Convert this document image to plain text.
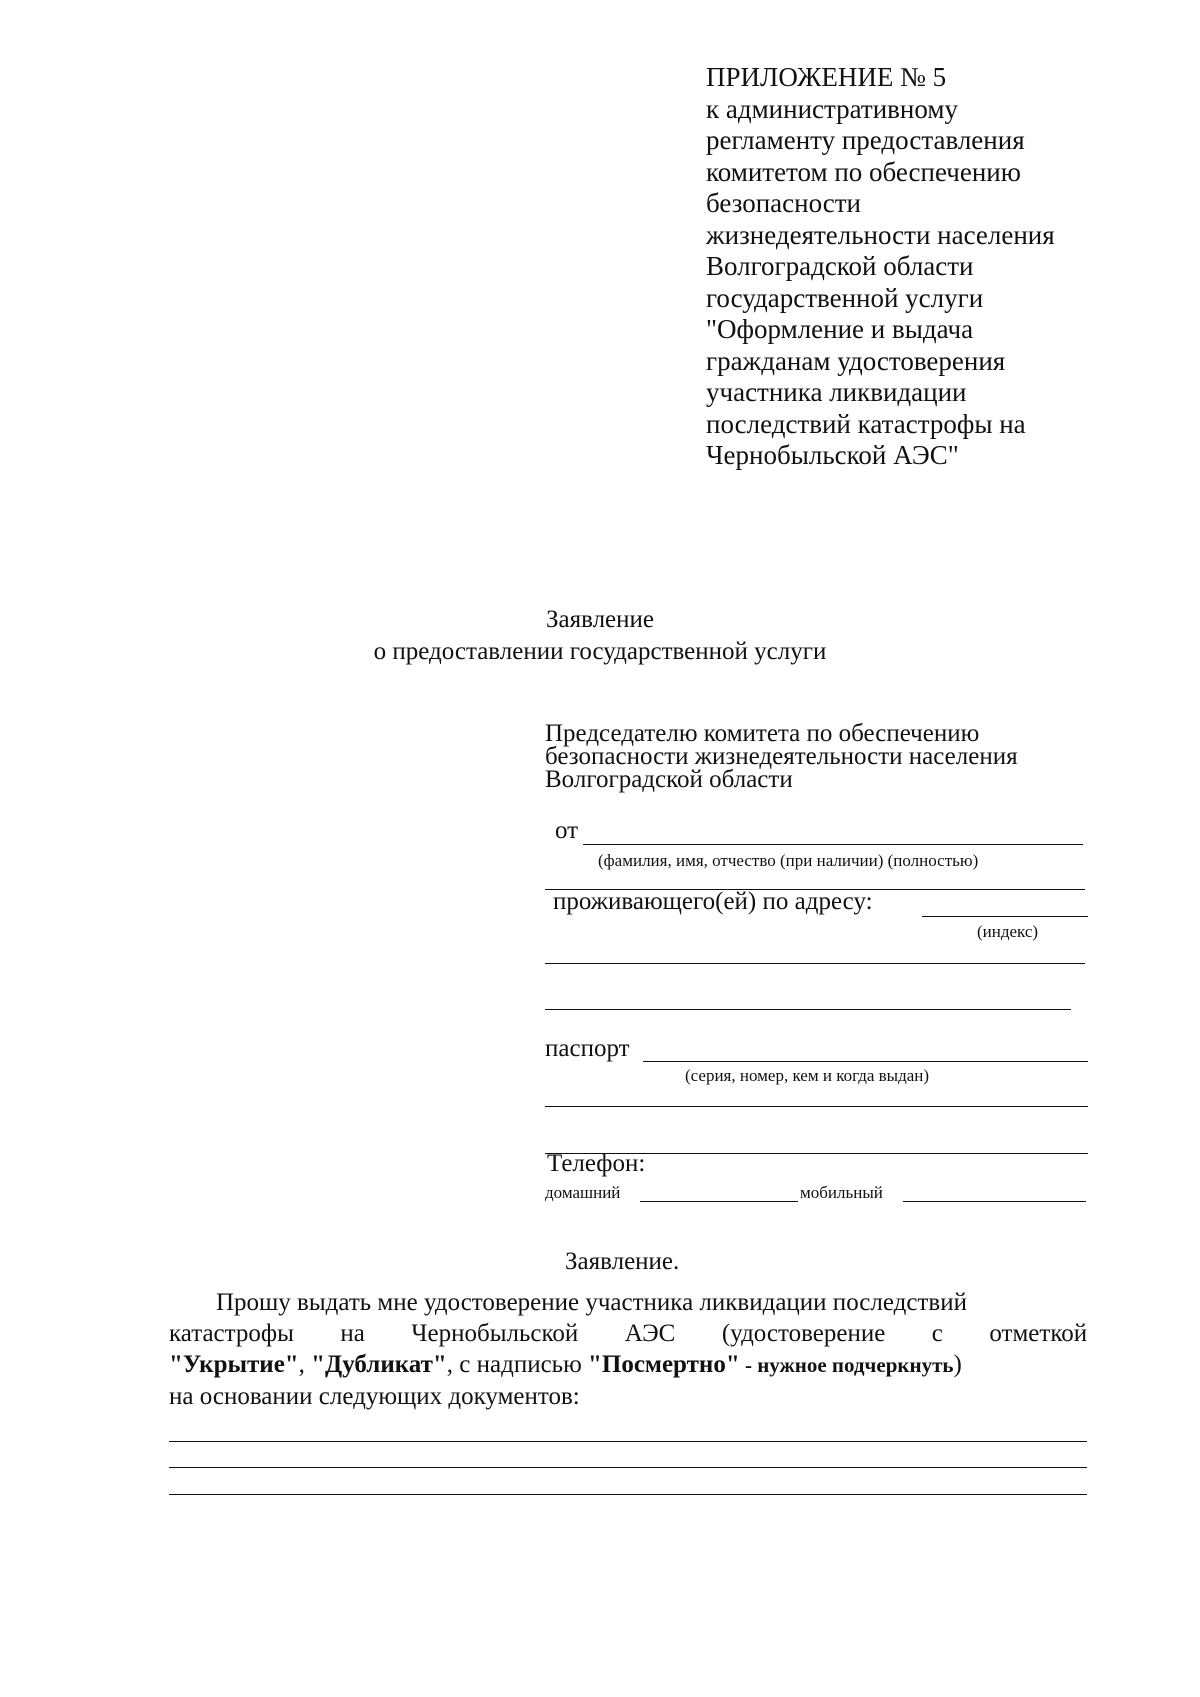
ПРИЛОЖЕНИЕ № 5
к административному
регламенту предоставления
комитетом по обеспечению
безопасности
жизнедеятельности населения
Волгоградской области
государственной услуги
"Оформление и выдача
гражданам удостоверения
участника ликвидации
последствий катастрофы на
Чернобыльской АЭС"
Заявление
о предоставлении государственной услуги
Председателю комитета по обеспечению
безопасности жизнедеятельности населения
Волгоградской области
от
(фамилия, имя, отчество (при наличии) (полностью)
проживающего(ей) по адресу:
(индекс)
паспорт
(серия, номер, кем и когда выдан)
Телефон:
домашний	мобильный
Заявление.
Прошу выдать мне удостоверение участника ликвидации последствий
катастрофы на Чернобыльской АЭС (удостоверение с отметкой
"Укрытие", "Дубликат", с надписью "Посмертно" - нужное подчеркнуть)
на основании следующих документов:
